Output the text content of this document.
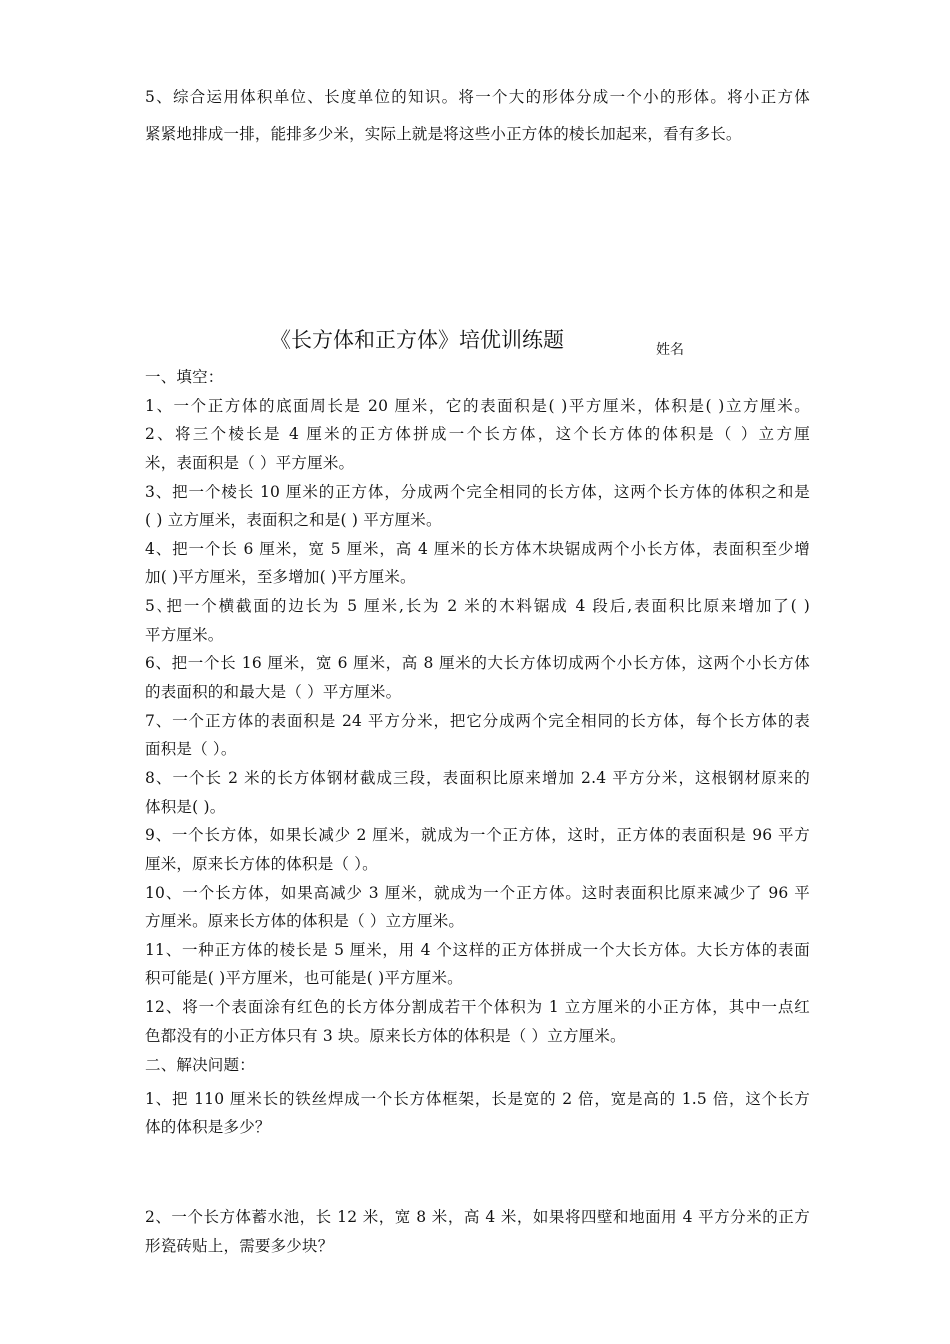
5、综合运用体积单位、长度单位的知识。将一个大的形体分成一个小的形体。将小正方体
紧紧地排成一排，能排多少米，实际上就是将这些小正方体的棱长加起来，看有多长。
《长方体和正方体》培优训练题	姓名
一、填空：
1、一个正方体的底面周长是 20 厘米，它的表面积是( )平方厘米，体积是( )立方厘米。
2、将三个棱长是 4 厘米的正方体拼成一个长方体，这个长方体的体积是（ ）立方厘
米，表面积是（ ）平方厘米。
3、把一个棱长 10 厘米的正方体，分成两个完全相同的长方体，这两个长方体的体积之和是
( ) 立方厘米，表面积之和是( ) 平方厘米。
4、把一个长 6 厘米，宽 5 厘米，高 4 厘米的长方体木块锯成两个小长方体，表面积至少增
加( )平方厘米，至多增加( )平方厘米。
5､把一个横截面的边长为 5 厘米,长为 2 米的木料锯成 4 段后,表面积比原来增加了( )
平方厘米。
6、把一个长 16 厘米，宽 6 厘米，高 8 厘米的大长方体切成两个小长方体，这两个小长方体
的表面积的和最大是（ ）平方厘米。
7、一个正方体的表面积是 24 平方分米，把它分成两个完全相同的长方体，每个长方体的表
面积是（ ）。
8、一个长 2 米的长方体钢材截成三段，表面积比原来增加 2.4 平方分米，这根钢材原来的
体积是( )。
9、一个长方体，如果长减少 2 厘米，就成为一个正方体，这时，正方体的表面积是 96 平方
厘米，原来长方体的体积是（ ）。
10、一个长方体，如果高减少 3 厘米，就成为一个正方体。这时表面积比原来减少了 96 平
方厘米。原来长方体的体积是（ ）立方厘米。
11、一种正方体的棱长是 5 厘米，用 4 个这样的正方体拼成一个大长方体。大长方体的表面
积可能是( )平方厘米，也可能是( )平方厘米。
12、将一个表面涂有红色的长方体分割成若干个体积为 1 立方厘米的小正方体，其中一点红
色都没有的小正方体只有 3 块。原来长方体的体积是（ ）立方厘米。
二、解决问题：
1、把 110 厘米长的铁丝焊成一个长方体框架，长是宽的 2 倍，宽是高的 1.5 倍，这个长方
体的体积是多少？
2、一个长方体蓄水池，长 12 米，宽 8 米，高 4 米，如果将四壁和地面用 4 平方分米的正方
形瓷砖贴上，需要多少块？
